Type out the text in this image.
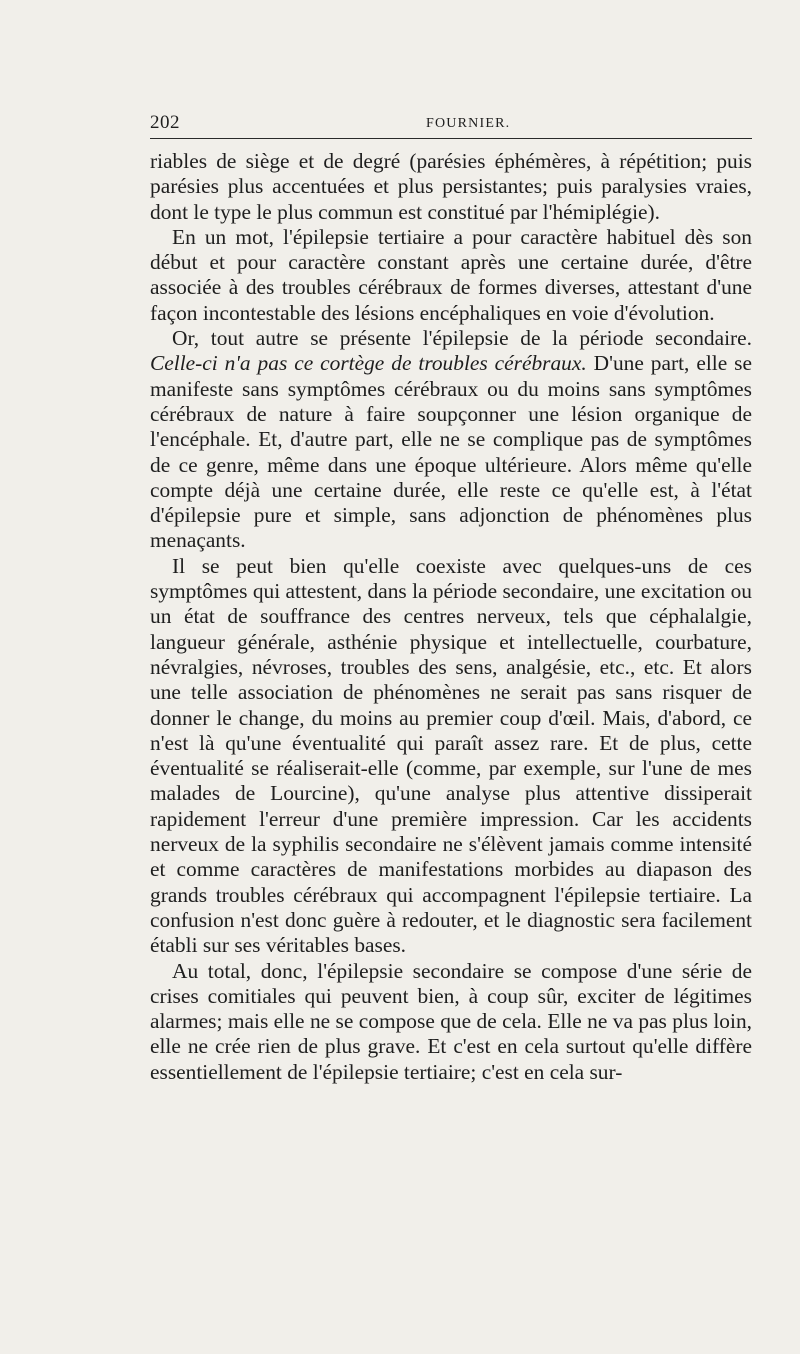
202	FOURNIER.

riables de siège et de degré (parésies éphémères, à répétition; puis parésies plus accentuées et plus persistantes; puis paralysies vraies, dont le type le plus commun est constitué par l'hémiplégie).

En un mot, l'épilepsie tertiaire a pour caractère habituel dès son début et pour caractère constant après une certaine durée, d'être associée à des troubles cérébraux de formes diverses, attestant d'une façon incontestable des lésions encéphaliques en voie d'évolution.

Or, tout autre se présente l'épilepsie de la période secondaire. Celle-ci n'a pas ce cortège de troubles cérébraux. D'une part, elle se manifeste sans symptômes cérébraux ou du moins sans symptômes cérébraux de nature à faire soupçonner une lésion organique de l'encéphale. Et, d'autre part, elle ne se complique pas de symptômes de ce genre, même dans une époque ultérieure. Alors même qu'elle compte déjà une certaine durée, elle reste ce qu'elle est, à l'état d'épilepsie pure et simple, sans adjonction de phénomènes plus menaçants.

Il se peut bien qu'elle coexiste avec quelques-uns de ces symptômes qui attestent, dans la période secondaire, une excitation ou un état de souffrance des centres nerveux, tels que céphalalgie, langueur générale, asthénie physique et intellectuelle, courbature, névralgies, névroses, troubles des sens, analgésie, etc., etc. Et alors une telle association de phénomènes ne serait pas sans risquer de donner le change, du moins au premier coup d'œil. Mais, d'abord, ce n'est là qu'une éventualité qui paraît assez rare. Et de plus, cette éventualité se réaliserait-elle (comme, par exemple, sur l'une de mes malades de Lourcine), qu'une analyse plus attentive dissiperait rapidement l'erreur d'une première impression. Car les accidents nerveux de la syphilis secondaire ne s'élèvent jamais comme intensité et comme caractères de manifestations morbides au diapason des grands troubles cérébraux qui accompagnent l'épilepsie tertiaire. La confusion n'est donc guère à redouter, et le diagnostic sera facilement établi sur ses véritables bases.

Au total, donc, l'épilepsie secondaire se compose d'une série de crises comitiales qui peuvent bien, à coup sûr, exciter de légitimes alarmes; mais elle ne se compose que de cela. Elle ne va pas plus loin, elle ne crée rien de plus grave. Et c'est en cela surtout qu'elle diffère essentiellement de l'épilepsie tertiaire; c'est en cela sur-
